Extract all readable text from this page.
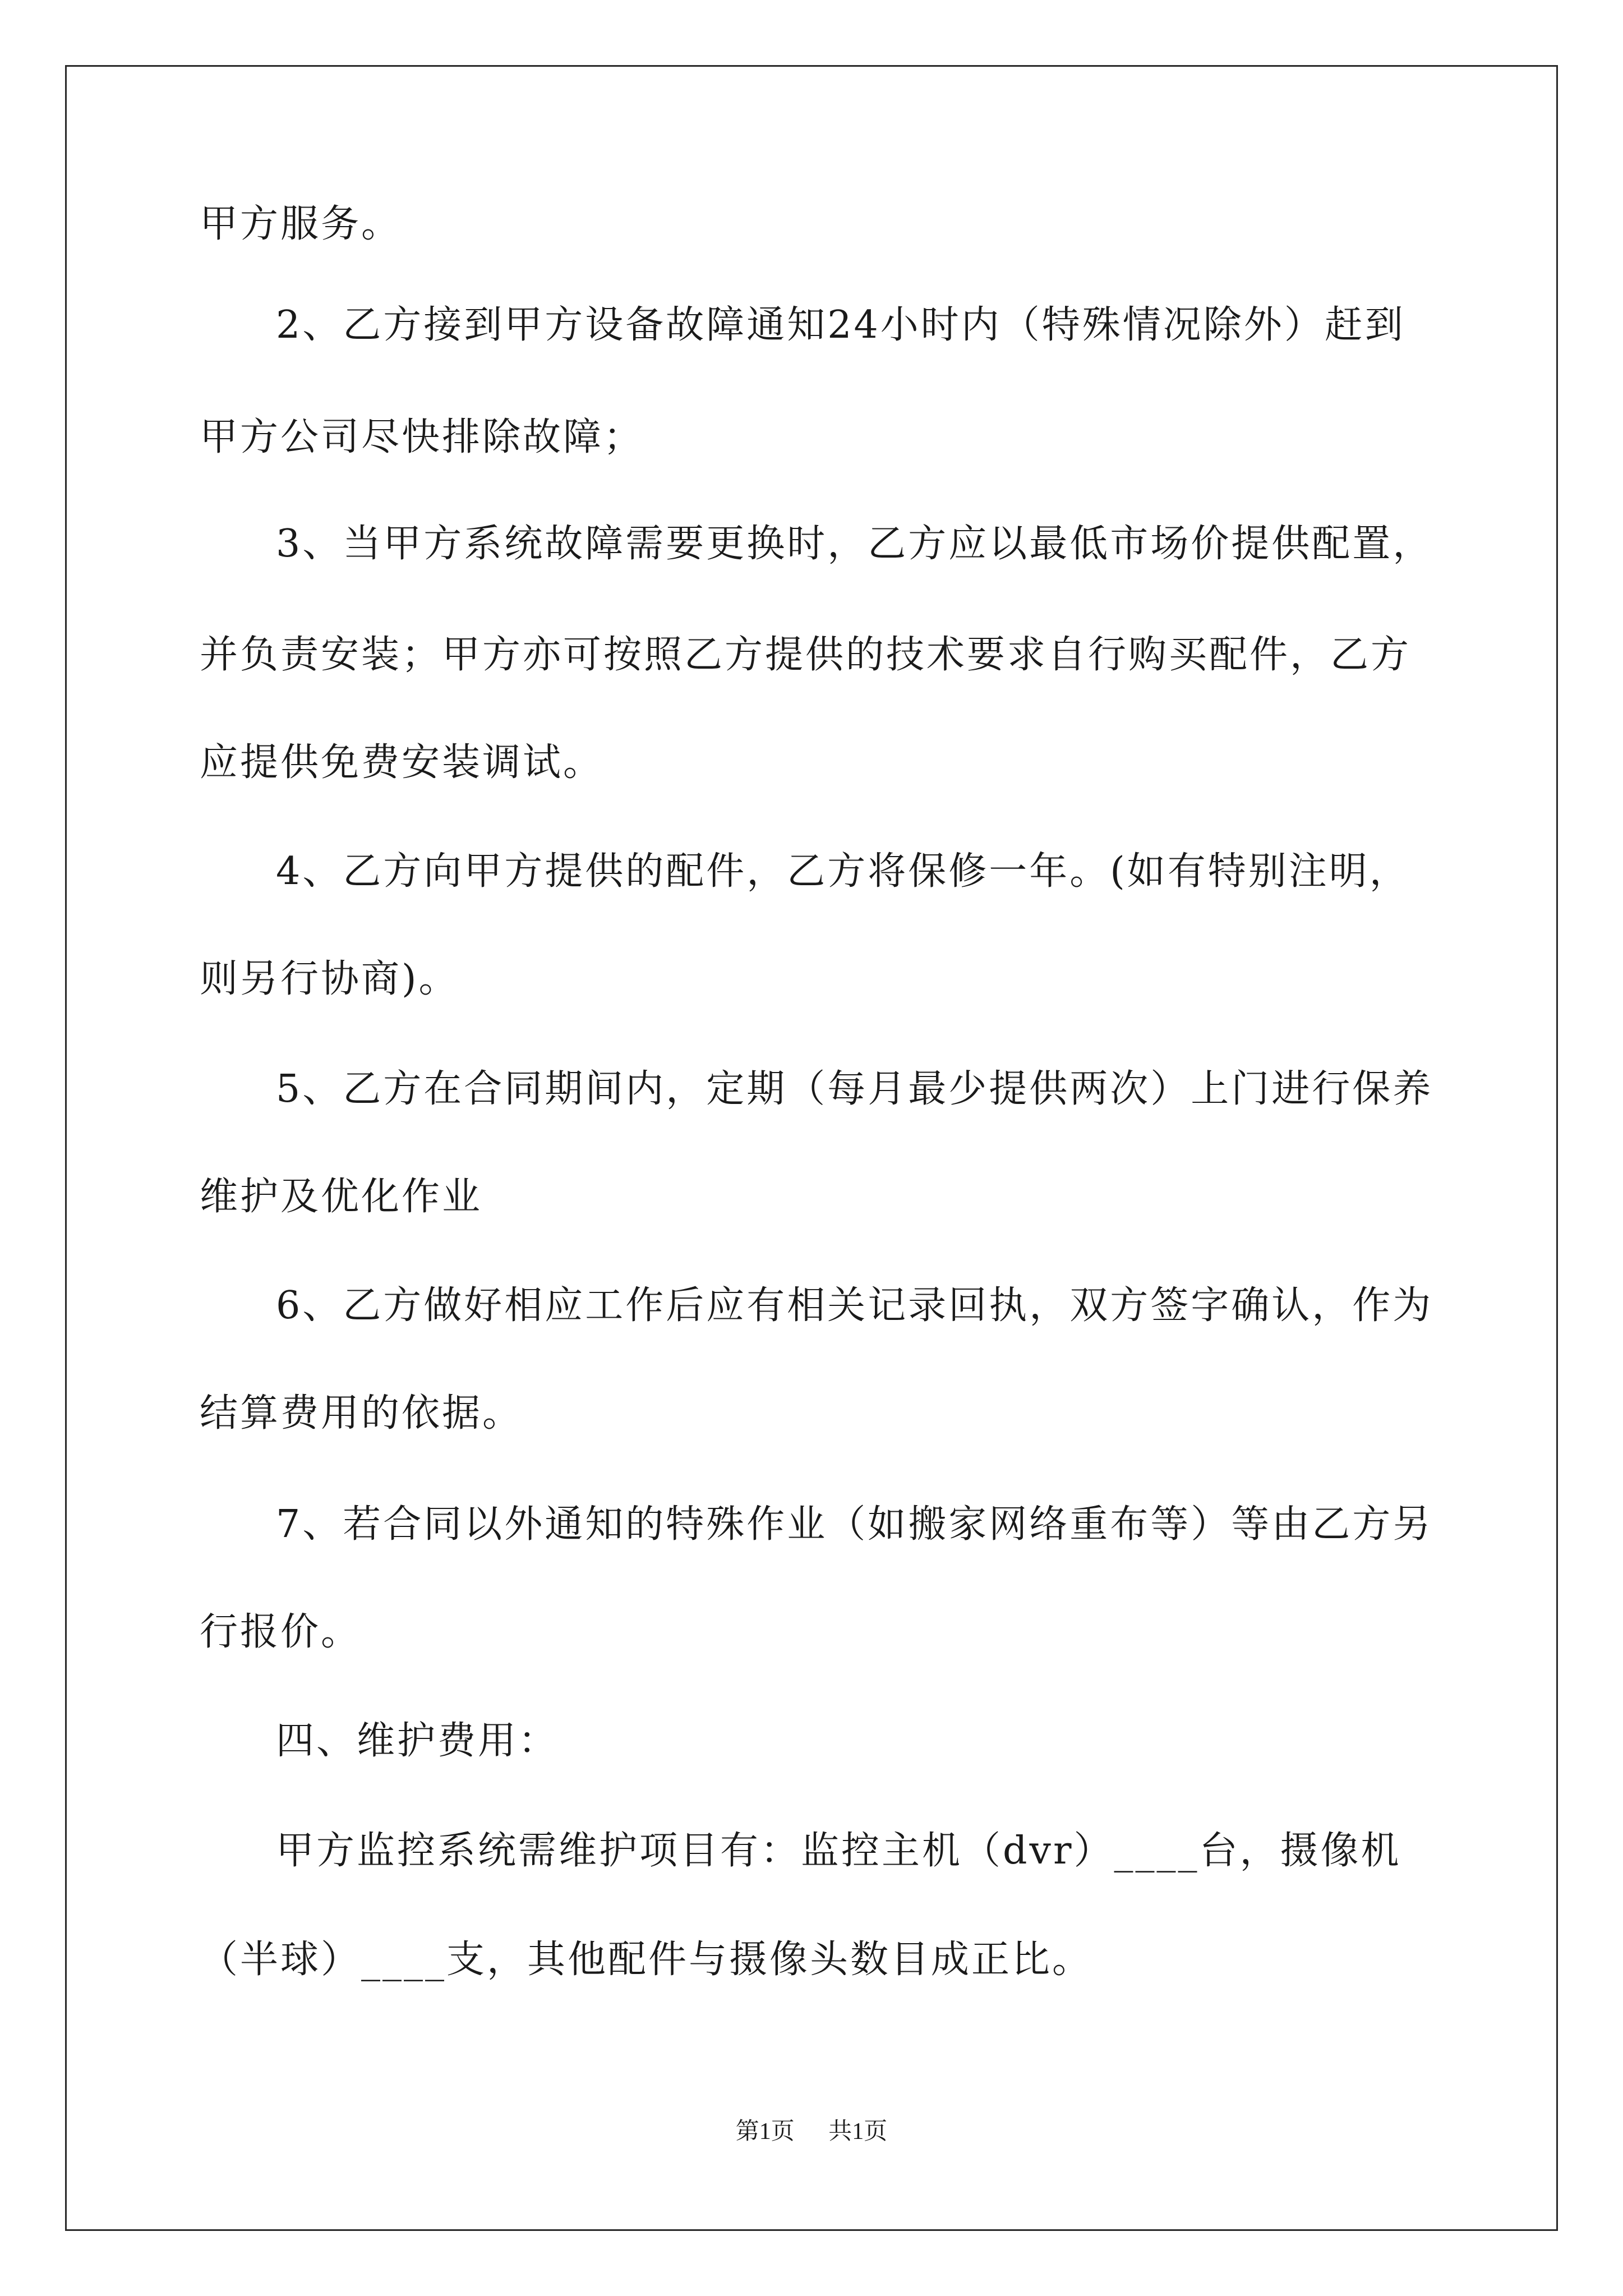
甲方服务。
2、乙方接到甲方设备故障通知24小时内（特殊情况除外）赶到
甲方公司尽快排除故障；
3、当甲方系统故障需要更换时，乙方应以最低市场价提供配置，
并负责安装；甲方亦可按照乙方提供的技术要求自行购买配件，乙方
应提供免费安装调试。
4、乙方向甲方提供的配件，乙方将保修一年。(如有特别注明，
则另行协商)。
5、乙方在合同期间内，定期（每月最少提供两次）上门进行保养
维护及优化作业
6、乙方做好相应工作后应有相关记录回执，双方签字确认，作为
结算费用的依据。
7、若合同以外通知的特殊作业（如搬家网络重布等）等由乙方另
行报价。
四、维护费用：
甲方监控系统需维护项目有：监控主机（dvr）____台，摄像机
（半球）____支，其他配件与摄像头数目成正比。
第1页 共1页
